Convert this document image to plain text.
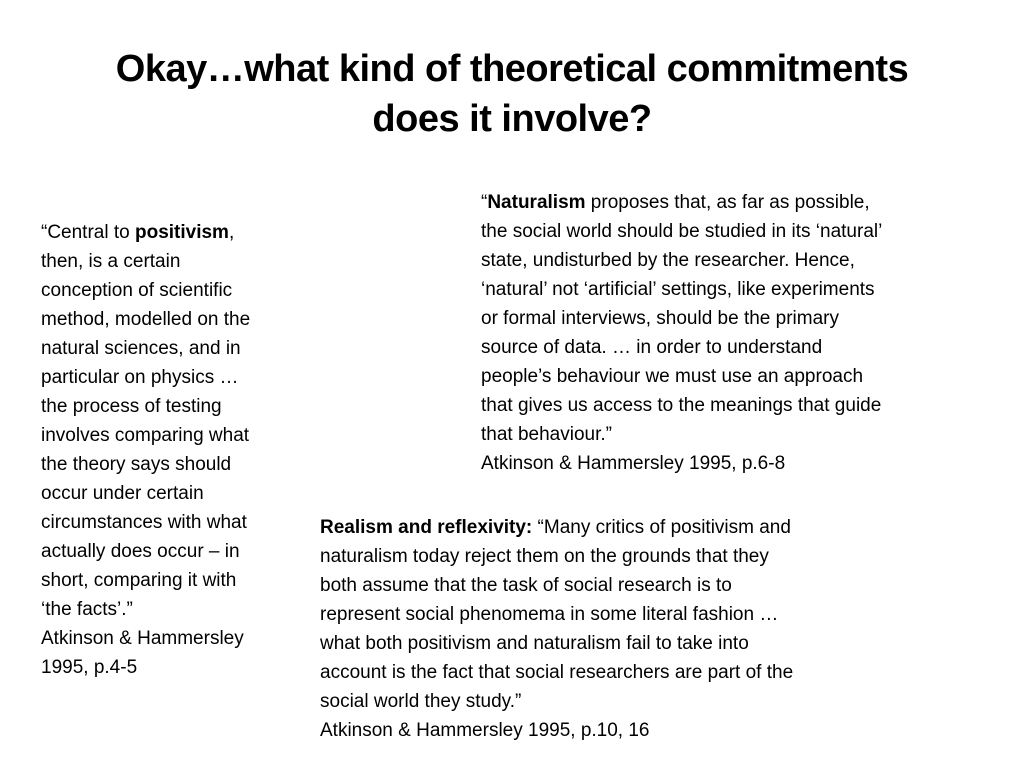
Okay…what kind of theoretical commitments
does it involve?
“Central to positivism,
then, is a certain
conception of scientific
method, modelled on the
natural sciences, and in
particular on physics …
the process of testing
involves comparing what
the theory says should
occur under certain
circumstances with what
actually does occur – in
short, comparing it with
‘the facts’.”
Atkinson & Hammersley
1995, p.4-5
“Naturalism proposes that, as far as possible,
the social world should be studied in its ‘natural’
state, undisturbed by the researcher. Hence,
‘natural’ not ‘artificial’ settings, like experiments
or formal interviews, should be the primary
source of data. … in order to understand
people’s behaviour we must use an approach
that gives us access to the meanings that guide
that behaviour.”
Atkinson & Hammersley 1995, p.6-8
Realism and reflexivity: “Many critics of positivism and
naturalism today reject them on the grounds that they
both assume that the task of social research is to
represent social phenomema in some literal fashion …
what both positivism and naturalism fail to take into
account is the fact that social researchers are part of the
social world they study.”
Atkinson & Hammersley 1995, p.10, 16
